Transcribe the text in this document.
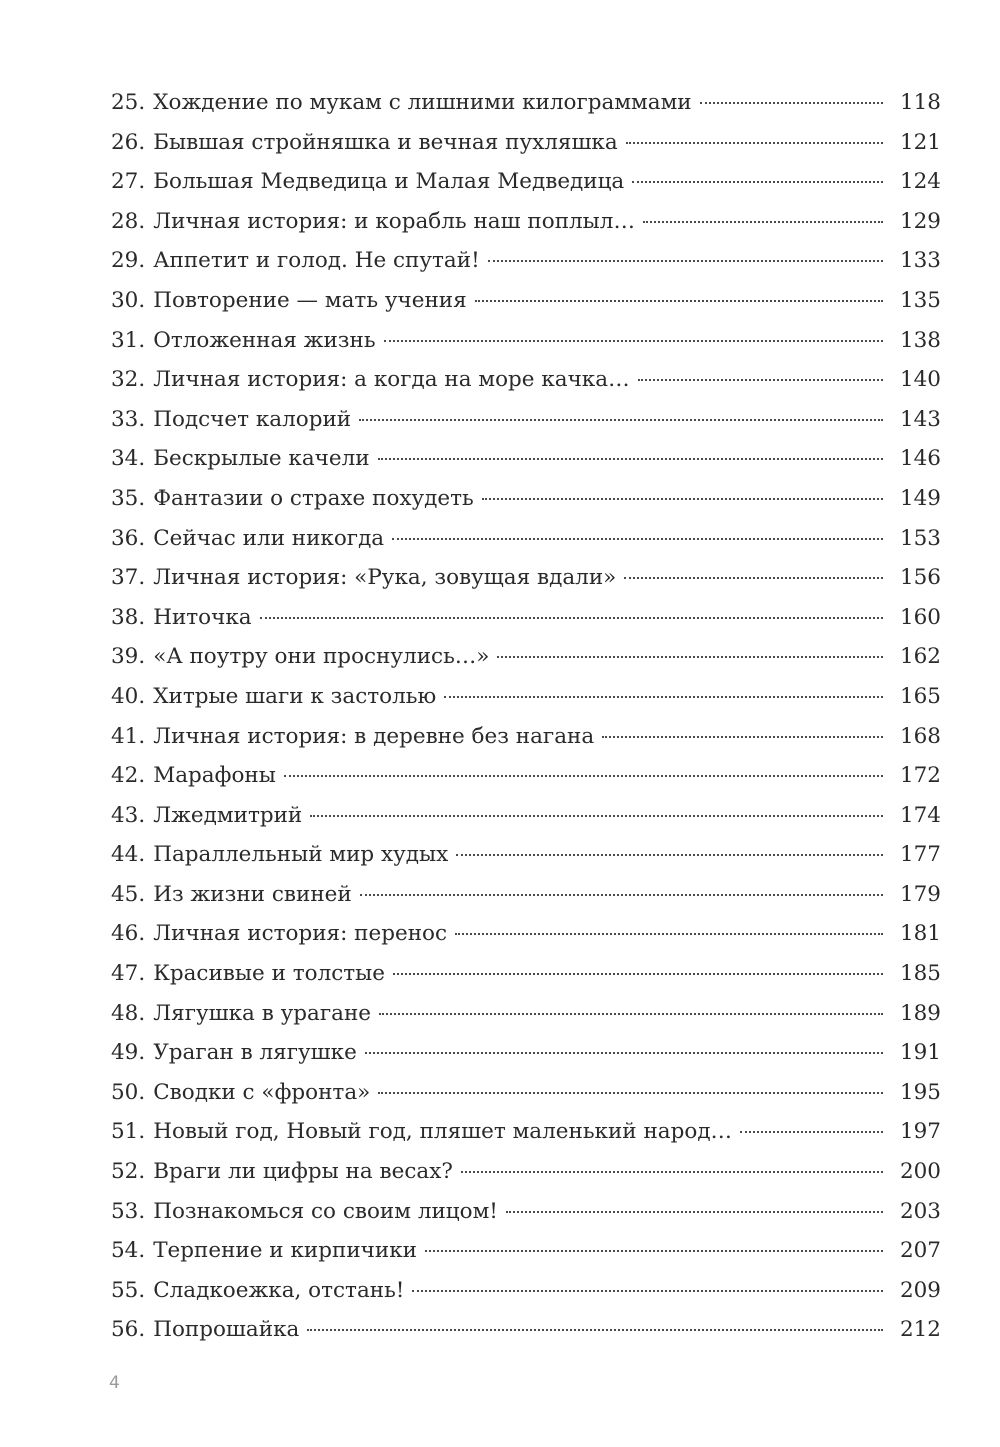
25. Хождение по мукам с лишними килограммами	118
26. Бывшая стройняшка и вечная пухляшка	121
27. Большая Медведица и Малая Медведица	124
28. Личная история: и корабль наш поплыл…	129
29. Аппетит и голод. Не спутай!	133
30. Повторение — мать учения	135
31. Отложенная жизнь	138
32. Личная история: а когда на море качка…	140
33. Подсчет калорий	143
34. Бескрылые качели	146
35. Фантазии о страхе похудеть	149
36. Сейчас или никогда	153
37. Личная история: «Рука, зовущая вдали»	156
38. Ниточка	160
39. «А поутру они проснулись…»	162
40. Хитрые шаги к застолью	165
41. Личная история: в деревне без нагана	168
42. Марафоны	172
43. Лжедмитрий	174
44. Параллельный мир худых	177
45. Из жизни свиней	179
46. Личная история: перенос	181
47. Красивые и толстые	185
48. Лягушка в урагане	189
49. Ураган в лягушке	191
50. Сводки с «фронта»	195
51. Новый год, Новый год, пляшет маленький народ…	197
52. Враги ли цифры на весах?	200
53. Познакомься со своим лицом!	203
54. Терпение и кирпичики	207
55. Сладкоежка, отстань!	209
56. Попрошайка	212
4
